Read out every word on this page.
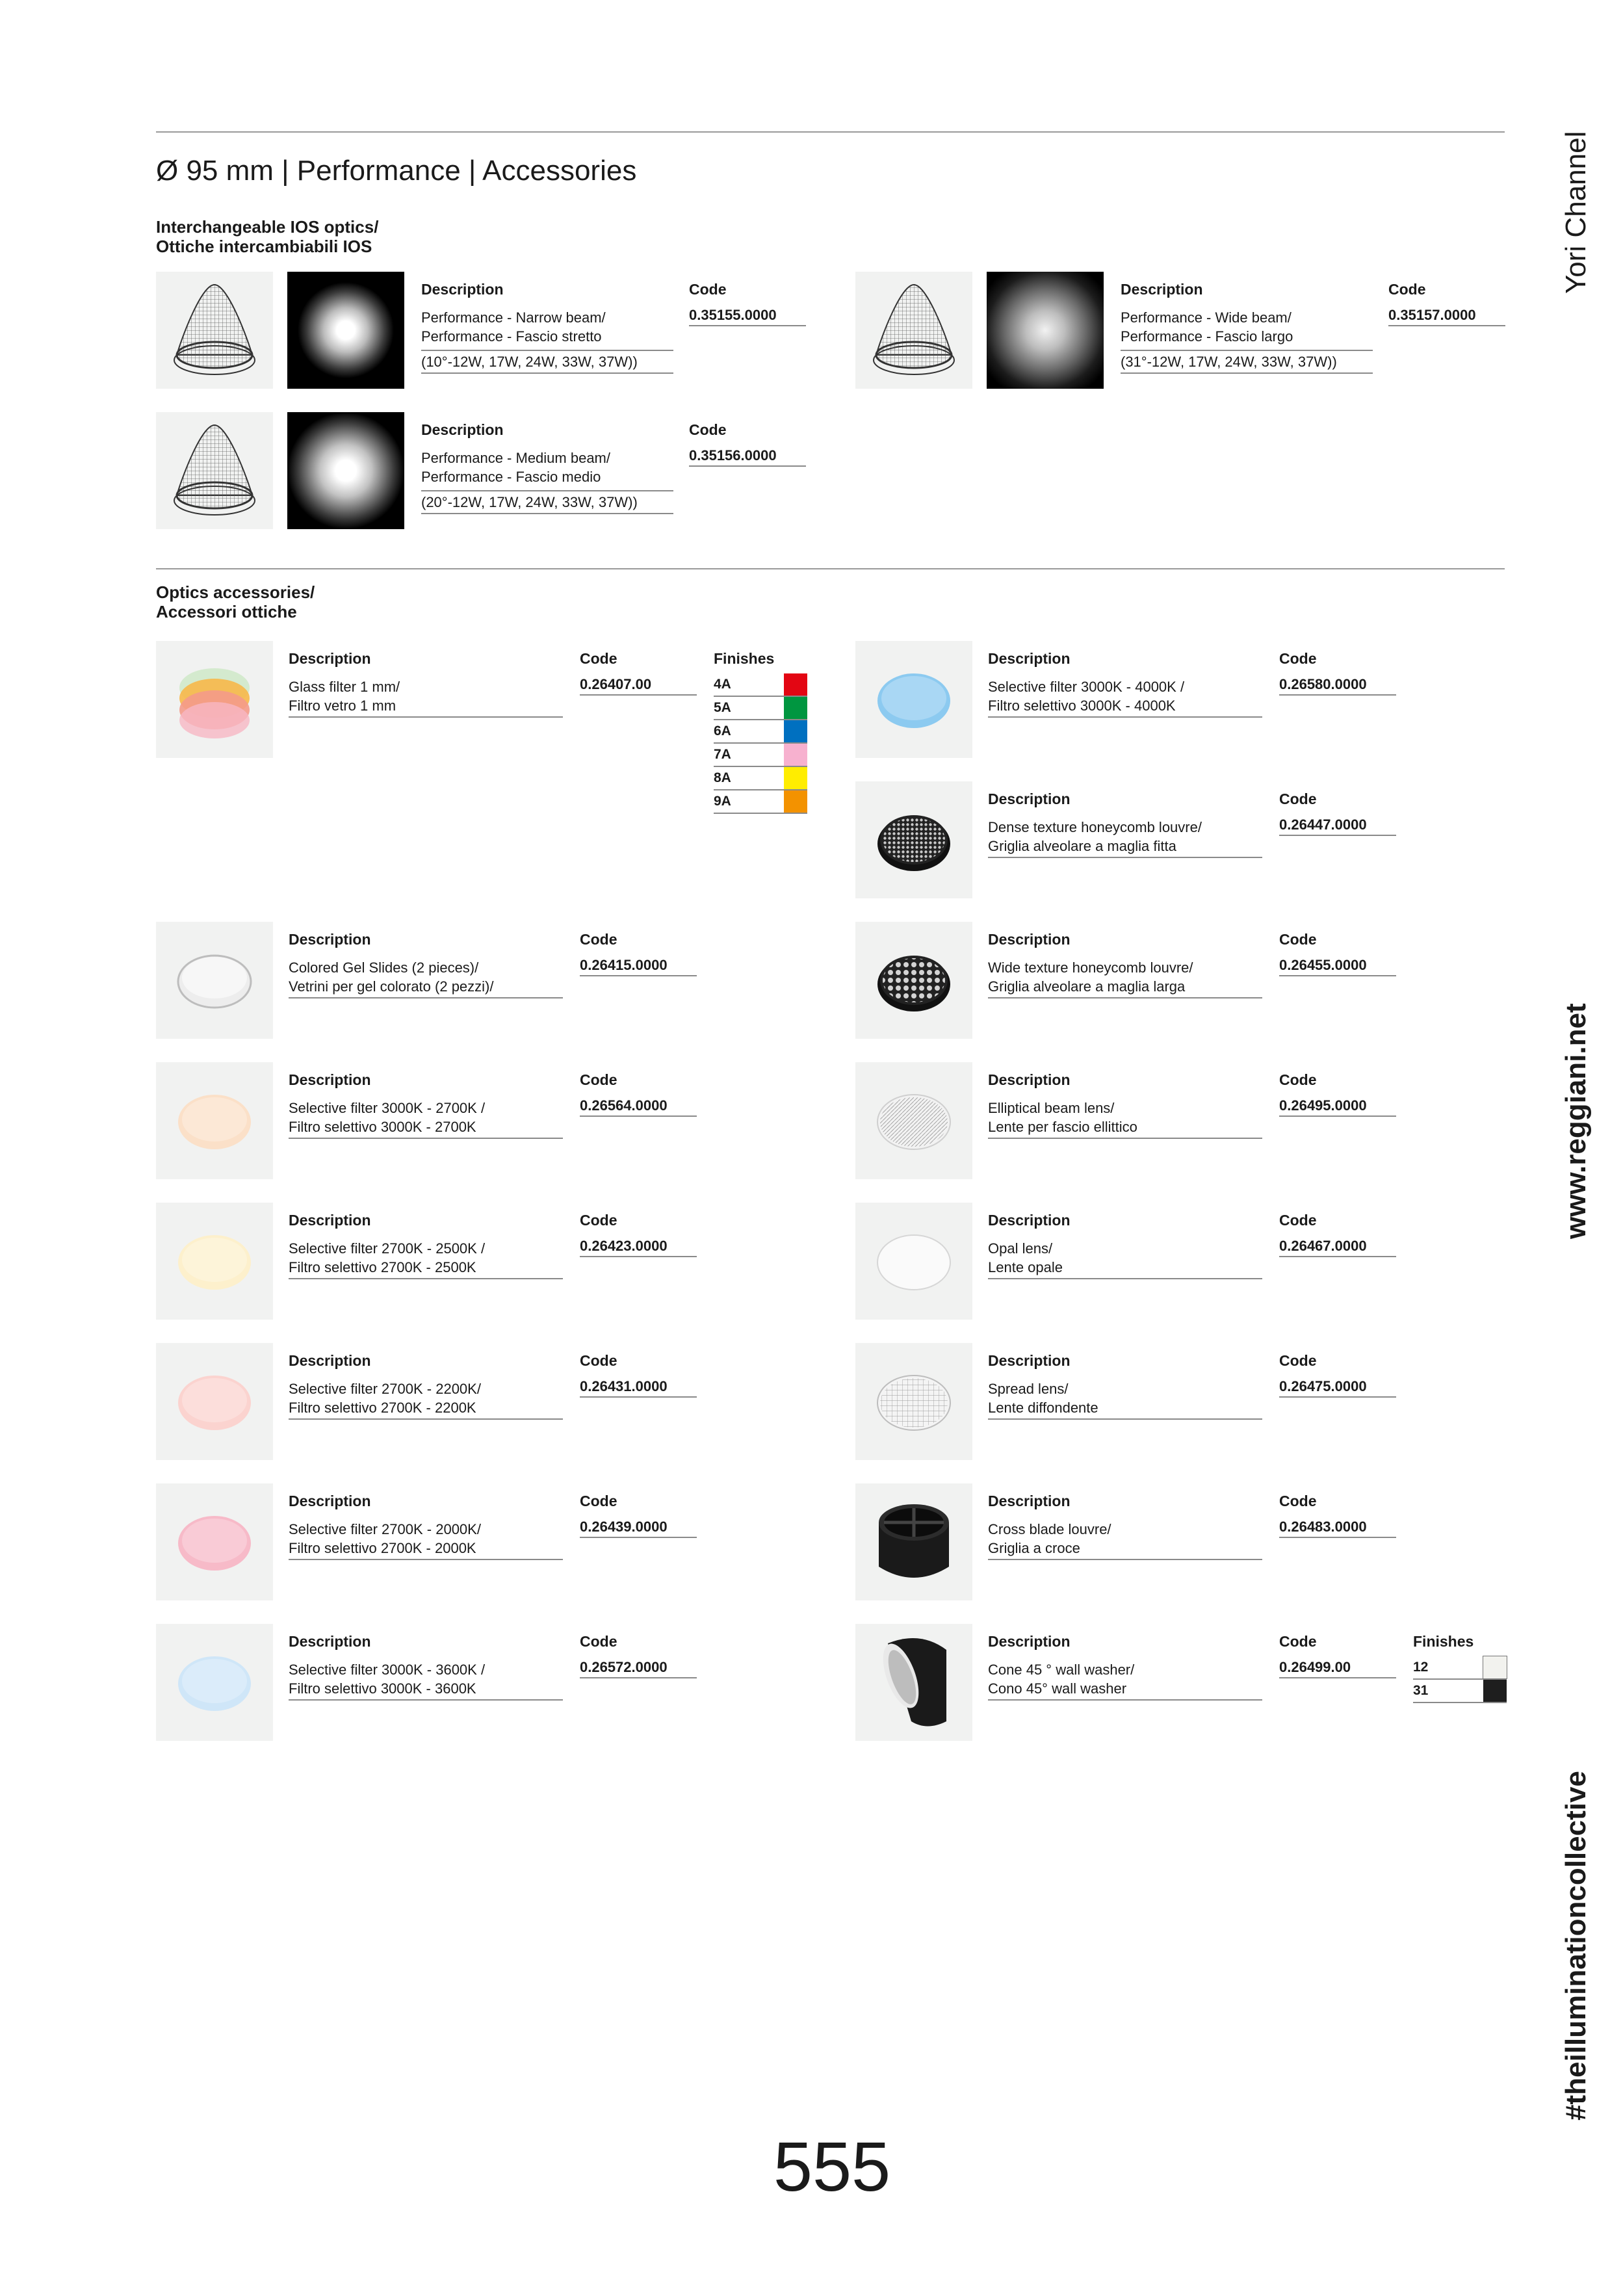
Ø 95 mm | Performance | Accessories
Interchangeable IOS optics/
Ottiche intercambiabili IOS
Description
Performance - Narrow beam/
Performance - Fascio stretto
(10°-12W, 17W, 24W, 33W, 37W))
Code
0.35155.0000
Description
Performance - Wide beam/
Performance - Fascio largo
(31°-12W, 17W, 24W, 33W, 37W))
Code
0.35157.0000
Description
Performance - Medium beam/
Performance - Fascio medio
(20°-12W, 17W, 24W, 33W, 37W))
Code
0.35156.0000
Optics accessories/
Accessori ottiche
Description
Glass filter 1 mm/
Filtro vetro 1 mm
Code
0.26407.00
Finishes
4A
5A
6A
7A
8A
9A
Description
Colored Gel Slides (2 pieces)/
Vetrini per gel colorato (2 pezzi)/
Code
0.26415.0000
Description
Selective filter 3000K - 2700K /
Filtro selettivo 3000K - 2700K
Code
0.26564.0000
Description
Selective filter 2700K - 2500K /
Filtro selettivo 2700K - 2500K
Code
0.26423.0000
Description
Selective filter 2700K - 2200K/
Filtro selettivo 2700K - 2200K
Code
0.26431.0000
Description
Selective filter 2700K - 2000K/
Filtro selettivo 2700K - 2000K
Code
0.26439.0000
Description
Selective filter 3000K - 3600K /
Filtro selettivo 3000K - 3600K
Code
0.26572.0000
Description
Selective filter 3000K - 4000K /
Filtro selettivo 3000K - 4000K
Code
0.26580.0000
Description
Dense texture honeycomb louvre/
Griglia alveolare a maglia fitta
Code
0.26447.0000
Description
Wide texture honeycomb louvre/
Griglia alveolare a maglia larga
Code
0.26455.0000
Description
Elliptical beam lens/
Lente per fascio ellittico
Code
0.26495.0000
Description
Opal lens/
Lente opale
Code
0.26467.0000
Description
Spread lens/
Lente diffondente
Code
0.26475.0000
Description
Cross blade louvre/
Griglia a croce
Code
0.26483.0000
Description
Cone 45 ° wall washer/
Cono 45° wall washer
Code
0.26499.00
Finishes
12
31
Yori Channel
www.reggiani.net
#theilluminationcollective
555
